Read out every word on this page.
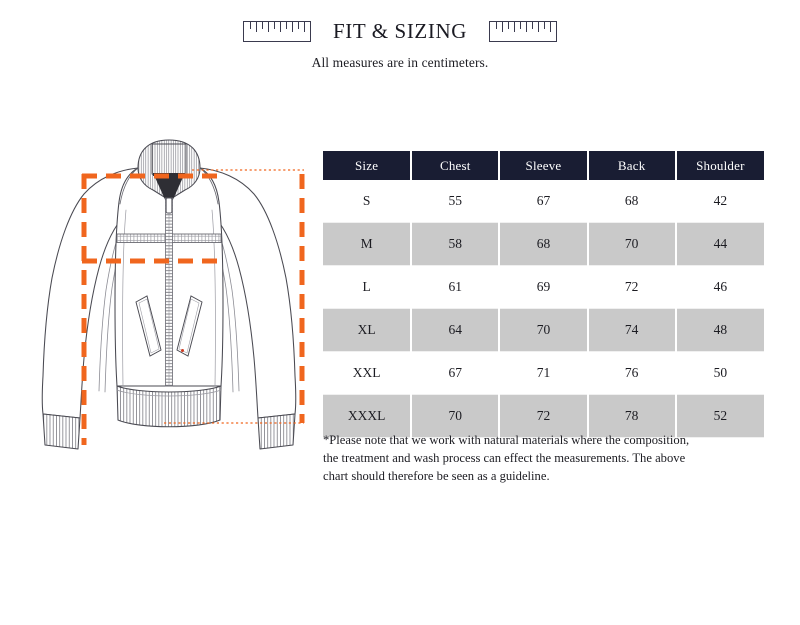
FIT & SIZING
All measures are in centimeters.
Size	Chest	Sleeve	Back	Shoulder
S	55	67	68	42
M	58	68	70	44
L	61	69	72	46
XL	64	70	74	48
XXL	67	71	76	50
XXXL	70	72	78	52
*Please note that we work with natural materials where the composition, the treatment and wash process can effect the measurements. The above chart should therefore be seen as a guideline.
